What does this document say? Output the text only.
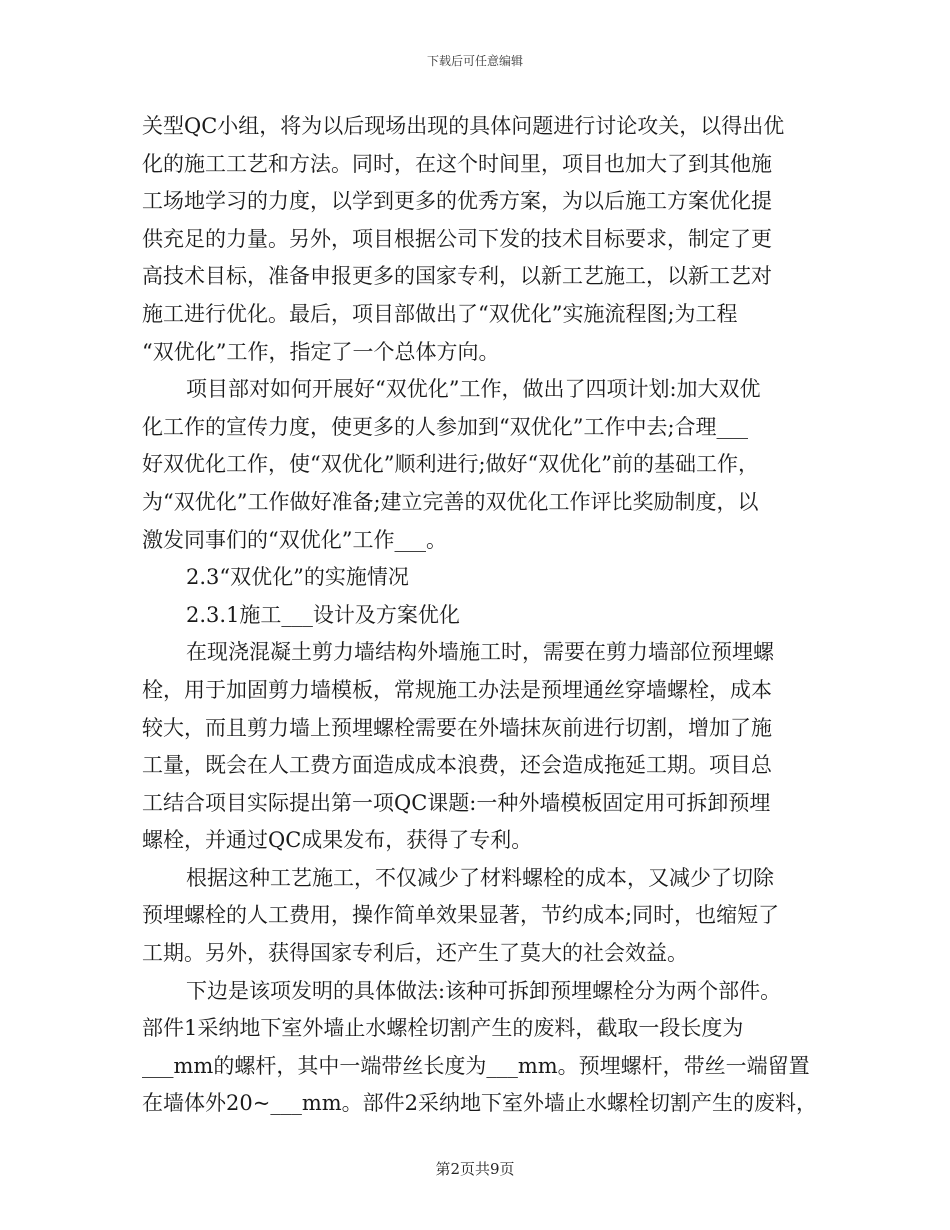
下载后可任意编辑
关型QC小组，将为以后现场出现的具体问题进行讨论攻关，以得出优
化的施工工艺和方法。同时，在这个时间里，项目也加大了到其他施
工场地学习的力度，以学到更多的优秀方案，为以后施工方案优化提
供充足的力量。另外，项目根据公司下发的技术目标要求，制定了更
高技术目标，准备申报更多的国家专利，以新工艺施工，以新工艺对
施工进行优化。最后，项目部做出了“双优化”实施流程图;为工程
“双优化”工作，指定了一个总体方向。
项目部对如何开展好“双优化”工作，做出了四项计划:加大双优
化工作的宣传力度，使更多的人参加到“双优化”工作中去;合理___
好双优化工作，使“双优化”顺利进行;做好“双优化”前的基础工作，
为“双优化”工作做好准备;建立完善的双优化工作评比奖励制度，以
激发同事们的“双优化”工作___。
2.3“双优化”的实施情况
2.3.1施工___设计及方案优化
在现浇混凝土剪力墙结构外墙施工时，需要在剪力墙部位预埋螺
栓，用于加固剪力墙模板，常规施工办法是预埋通丝穿墙螺栓，成本
较大，而且剪力墙上预埋螺栓需要在外墙抹灰前进行切割，增加了施
工量，既会在人工费方面造成成本浪费，还会造成拖延工期。项目总
工结合项目实际提出第一项QC课题:一种外墙模板固定用可拆卸预埋
螺栓，并通过QC成果发布，获得了专利。
根据这种工艺施工，不仅减少了材料螺栓的成本，又减少了切除
预埋螺栓的人工费用，操作简单效果显著，节约成本;同时，也缩短了
工期。另外，获得国家专利后，还产生了莫大的社会效益。
下边是该项发明的具体做法:该种可拆卸预埋螺栓分为两个部件。
部件1采纳地下室外墙止水螺栓切割产生的废料，截取一段长度为
___mm的螺杆，其中一端带丝长度为___mm。预埋螺杆，带丝一端留置
在墙体外20~___mm。部件2采纳地下室外墙止水螺栓切割产生的废料，
第2页共9页
